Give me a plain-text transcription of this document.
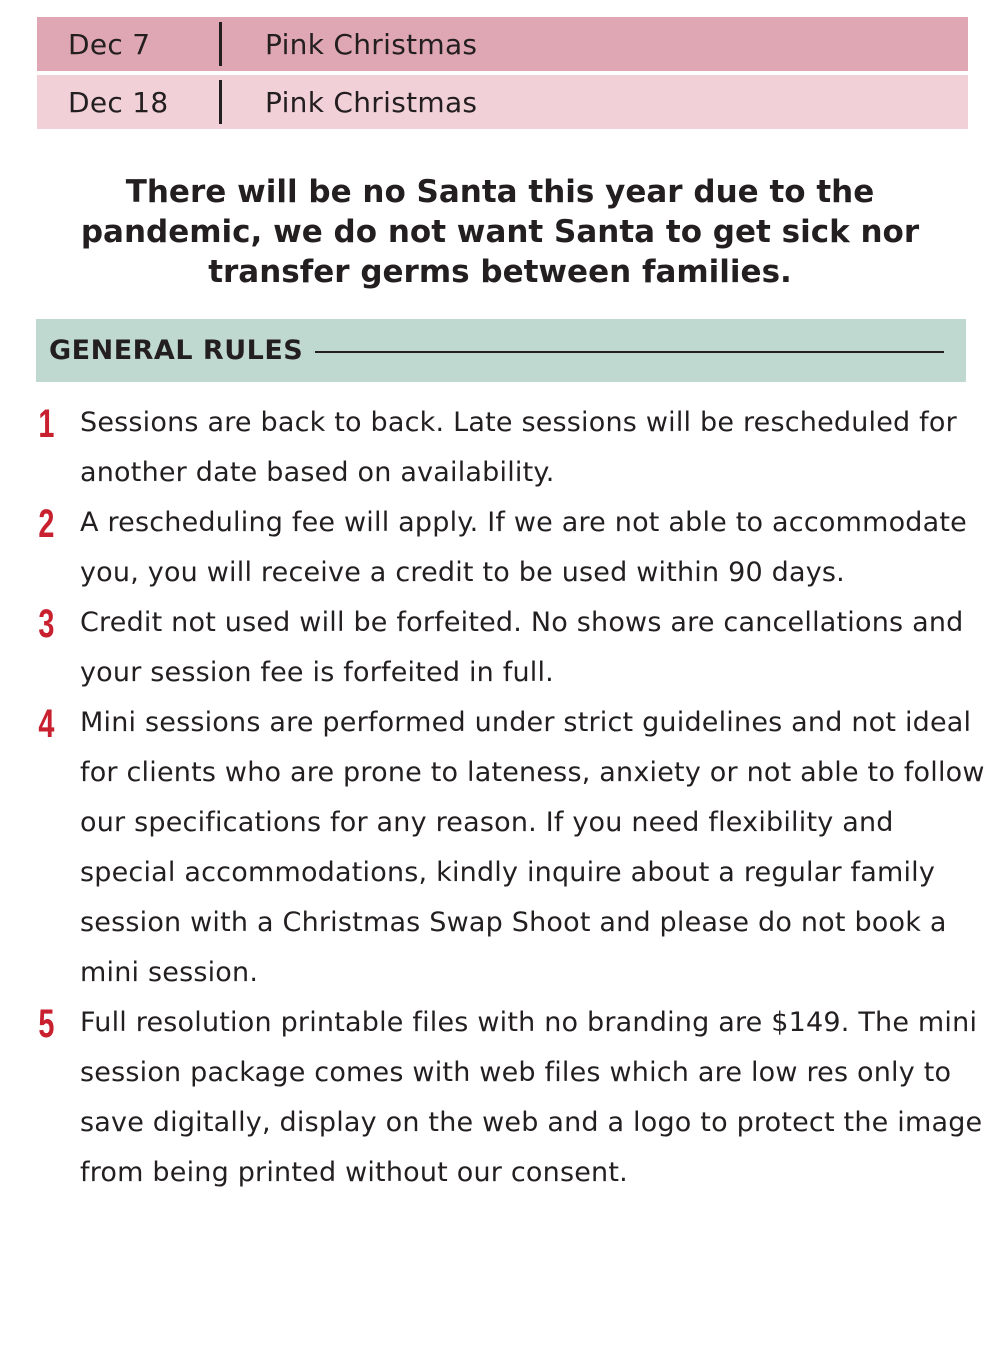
Dec 7	Pink Christmas
Dec 18	Pink Christmas
There will be no Santa this year due to the pandemic, we do not want Santa to get sick nor transfer germs between families.
GENERAL RULES
1 Sessions are back to back. Late sessions will be rescheduled for another date based on availability.
2 A rescheduling fee will apply. If we are not able to accommodate you, you will receive a credit to be used within 90 days.
3 Credit not used will be forfeited. No shows are cancellations and your session fee is forfeited in full.
4 Mini sessions are performed under strict guidelines and not ideal for clients who are prone to lateness, anxiety or not able to follow our specifications for any reason. If you need flexibility and special accommodations, kindly inquire about a regular family session with a Christmas Swap Shoot and please do not book a mini session.
5 Full resolution printable files with no branding are $149. The mini session package comes with web files which are low res only to save digitally, display on the web and a logo to protect the image from being printed without our consent.
